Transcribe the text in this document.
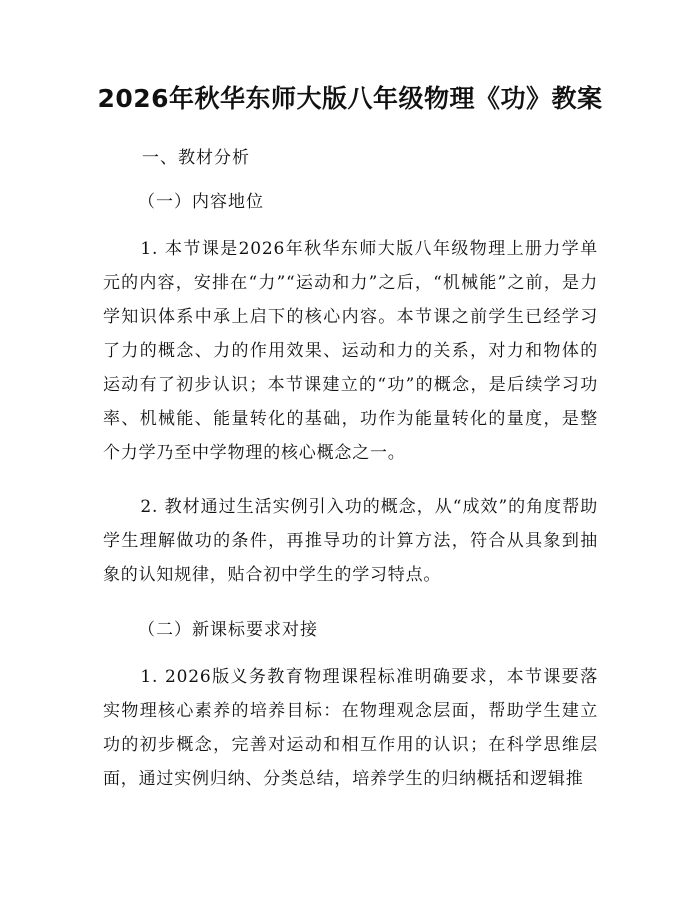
2026年秋华东师大版八年级物理《功》教案

一、教材分析

（一）内容地位

1. 本节课是2026年秋华东师大版八年级物理上册力学单元的内容，安排在“力”“运动和力”之后，“机械能”之前，是力学知识体系中承上启下的核心内容。本节课之前学生已经学习了力的概念、力的作用效果、运动和力的关系，对力和物体的运动有了初步认识；本节课建立的“功”的概念，是后续学习功率、机械能、能量转化的基础，功作为能量转化的量度，是整个力学乃至中学物理的核心概念之一。

2. 教材通过生活实例引入功的概念，从“成效”的角度帮助学生理解做功的条件，再推导功的计算方法，符合从具象到抽象的认知规律，贴合初中学生的学习特点。

（二）新课标要求对接

1. 2026版义务教育物理课程标准明确要求，本节课要落实物理核心素养的培养目标：在物理观念层面，帮助学生建立功的初步概念，完善对运动和相互作用的认识；在科学思维层面，通过实例归纳、分类总结，培养学生的归纳概括和逻辑推
